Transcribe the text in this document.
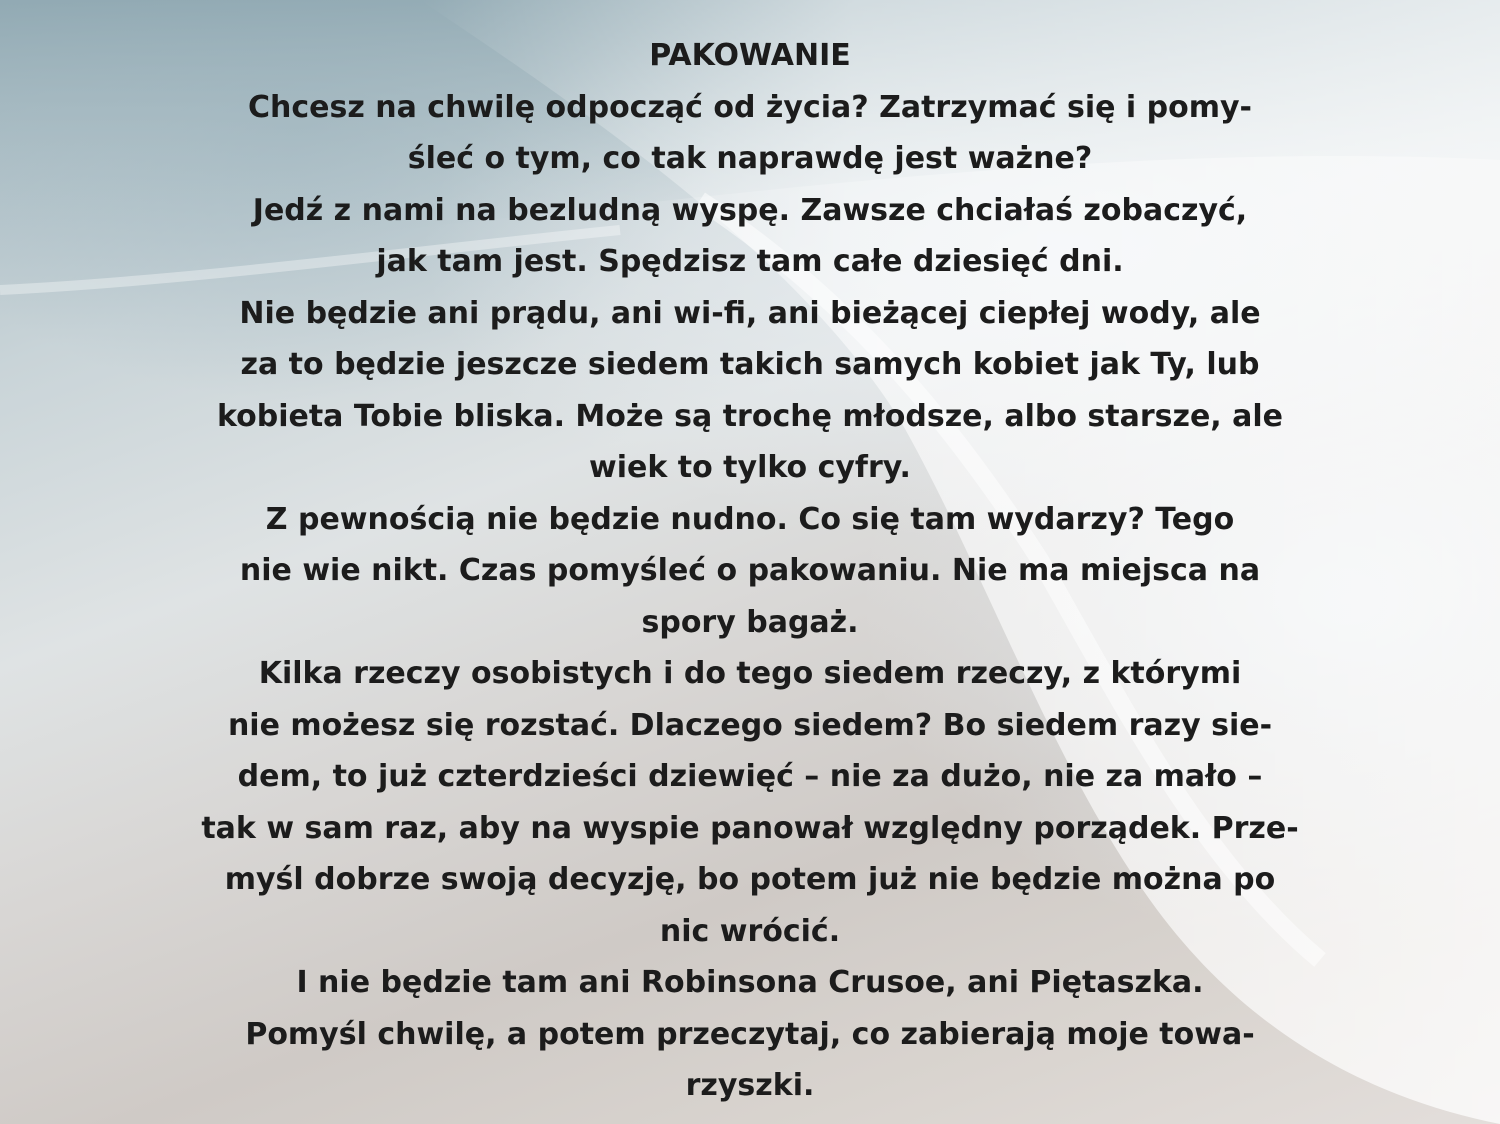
PAKOWANIE
Chcesz na chwilę odpocząć od życia? Zatrzymać się i pomy-
śleć o tym, co tak naprawdę jest ważne?
Jedź z nami na bezludną wyspę. Zawsze chciałaś zobaczyć,
jak tam jest. Spędzisz tam całe dziesięć dni.
Nie będzie ani prądu, ani wi-fi, ani bieżącej ciepłej wody, ale
za to będzie jeszcze siedem takich samych kobiet jak Ty, lub
kobieta Tobie bliska. Może są trochę młodsze, albo starsze, ale
wiek to tylko cyfry.
Z pewnością nie będzie nudno. Co się tam wydarzy? Tego
nie wie nikt. Czas pomyśleć o pakowaniu. Nie ma miejsca na
spory bagaż.
Kilka rzeczy osobistych i do tego siedem rzeczy, z którymi
nie możesz się rozstać. Dlaczego siedem? Bo siedem razy sie-
dem, to już czterdzieści dziewięć – nie za dużo, nie za mało –
tak w sam raz, aby na wyspie panował względny porządek. Prze-
myśl dobrze swoją decyzję, bo potem już nie będzie można po
nic wrócić.
I nie będzie tam ani Robinsona Crusoe, ani Piętaszka.
Pomyśl chwilę, a potem przeczytaj, co zabierają moje towa-
rzyszki.
